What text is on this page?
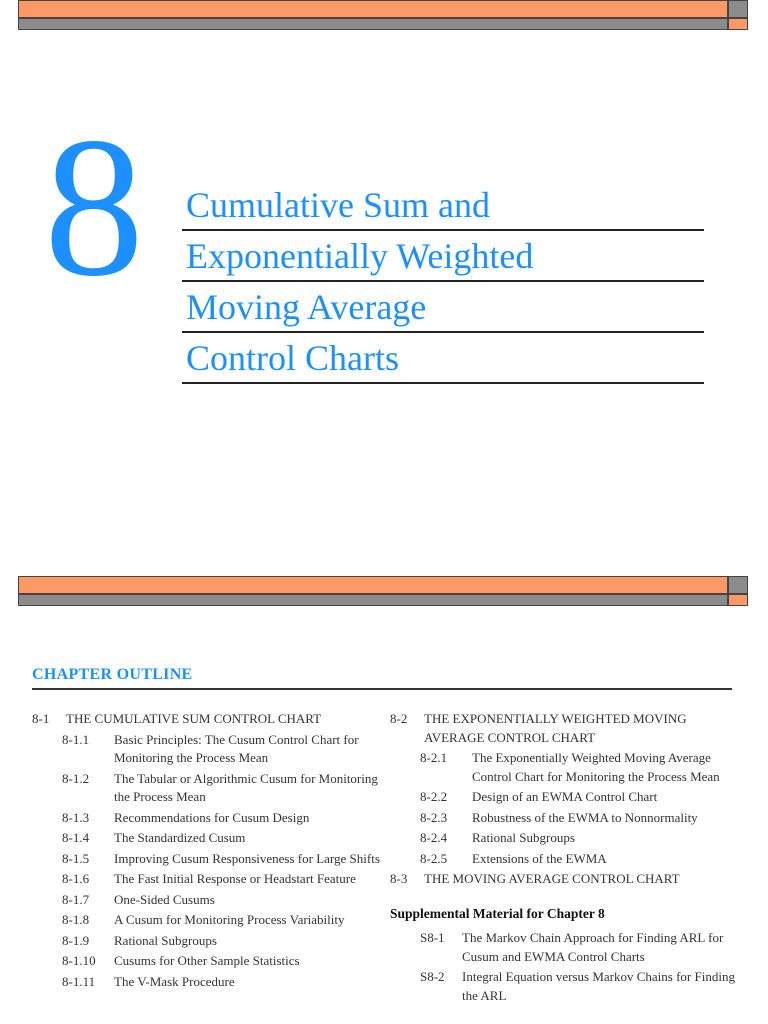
8 Cumulative Sum and
Exponentially Weighted
Moving Average
Control Charts
CHAPTER OUTLINE
8-1	THE CUMULATIVE SUM CONTROL CHART
8-1.1	Basic Principles: The Cusum Control Chart for Monitoring the Process Mean
8-1.2	The Tabular or Algorithmic Cusum for Monitoring the Process Mean
8-1.3	Recommendations for Cusum Design
8-1.4	The Standardized Cusum
8-1.5	Improving Cusum Responsiveness for Large Shifts
8-1.6	The Fast Initial Response or Headstart Feature
8-1.7	One-Sided Cusums
8-1.8	A Cusum for Monitoring Process Variability
8-1.9	Rational Subgroups
8-1.10	Cusums for Other Sample Statistics
8-1.11	The V-Mask Procedure
8-2	THE EXPONENTIALLY WEIGHTED MOVING AVERAGE CONTROL CHART
8-2.1	The Exponentially Weighted Moving Average Control Chart for Monitoring the Process Mean
8-2.2	Design of an EWMA Control Chart
8-2.3	Robustness of the EWMA to Nonnormality
8-2.4	Rational Subgroups
8-2.5	Extensions of the EWMA
8-3	THE MOVING AVERAGE CONTROL CHART
Supplemental Material for Chapter 8
S8-1	The Markov Chain Approach for Finding ARL for Cusum and EWMA Control Charts
S8-2	Integral Equation versus Markov Chains for Finding the ARL
